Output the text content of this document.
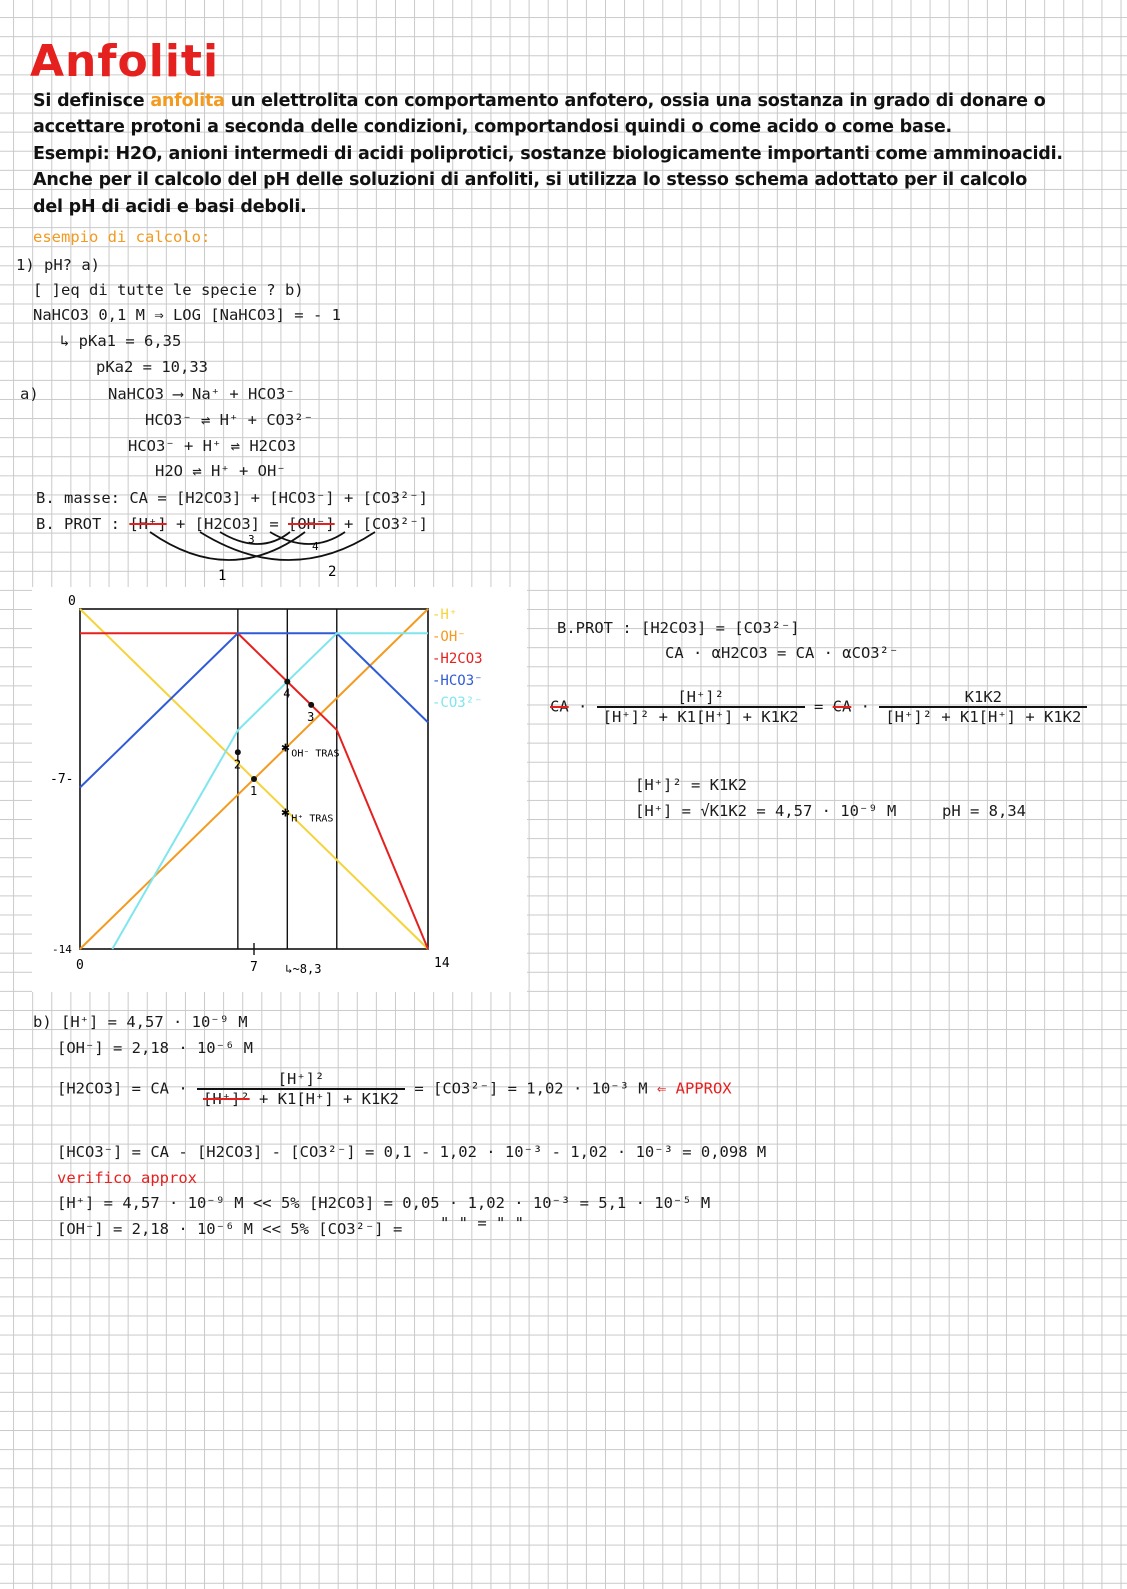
Anfoliti
Si definisce anfolita un elettrolita con comportamento anfotero, ossia una sostanza in grado di donare o
accettare protoni a seconda delle condizioni, comportandosi quindi o come acido o come base.
Esempi: H2O, anioni intermedi di acidi poliprotici, sostanze biologicamente importanti come amminoacidi.
Anche per il calcolo del pH delle soluzioni di anfoliti, si utilizza lo stesso schema adottato per il calcolo
del pH di acidi e basi deboli.
esempio di calcolo:
1) pH? a)
[ ]eq di tutte le specie ? b)
NaHCO3 0,1 M ⇒ LOG [NaHCO3] = - 1
↳ pKa1 = 6,35
pKa2 = 10,33
a)	NaHCO3 ⟶ Na⁺ + HCO3⁻
HCO3⁻ ⇌ H⁺ + CO3²⁻
HCO3⁻ + H⁺ ⇌ H2CO3
H2O ⇌ H⁺ + OH⁻
B. masse: CA = [H2CO3] + [HCO3⁻] + [CO3²⁻]
B. PROT : [H⁺] + [H2CO3] = [OH⁻] + [CO3²⁻]
1	2
3
4
0
-7-
-14
0	7 ↳~8,3	14
-H⁺
-OH⁻
-H2CO3
-HCO3⁻
-CO3²⁻
1
2
3
4
✱ OH⁻ TRAS
✱ H⁺ TRAS
B.PROT : [H2CO3] = [CO3²⁻]
CA · αH2CO3 = CA · αCO3²⁻
CA · $\frac{\text{[H⁺]²}}{\text{[H⁺]² + K1[H⁺] + K1K2}}$ = CA · $\frac{K1K2}{\text{[H⁺]² + K1[H⁺] + K1K2}}$
[H⁺]² = K1K2
[H⁺] = √K1K2 = 4,57 · 10⁻⁹ M	pH = 8,34
b) [H⁺] = 4,57 · 10⁻⁹ M
[OH⁻] = 2,18 · 10⁻⁶ M
[H2CO3] = CA · $\frac{\text{[H⁺]²}}{\text{[H⁺]² + K1[H⁺] + K1K2}} = [CO3^{2-}] = 1,02 \cdot 10^{-3}$ M ⇐ APPROX
[HCO3⁻] = CA - [H2CO3] - [CO3²⁻] = 0,1 - 1,02 · 10⁻³ - 1,02 · 10⁻³ = 0,098 M
verifico approx
[H⁺] = 4,57 · 10⁻⁹ M << 5% [H2CO3] = 0,05 · 1,02 · 10⁻³ = 5,1 · 10⁻⁵ M
[OH⁻] = 2,18 · 10⁻⁶ M << 5% [CO3²⁻] = " " = " "
